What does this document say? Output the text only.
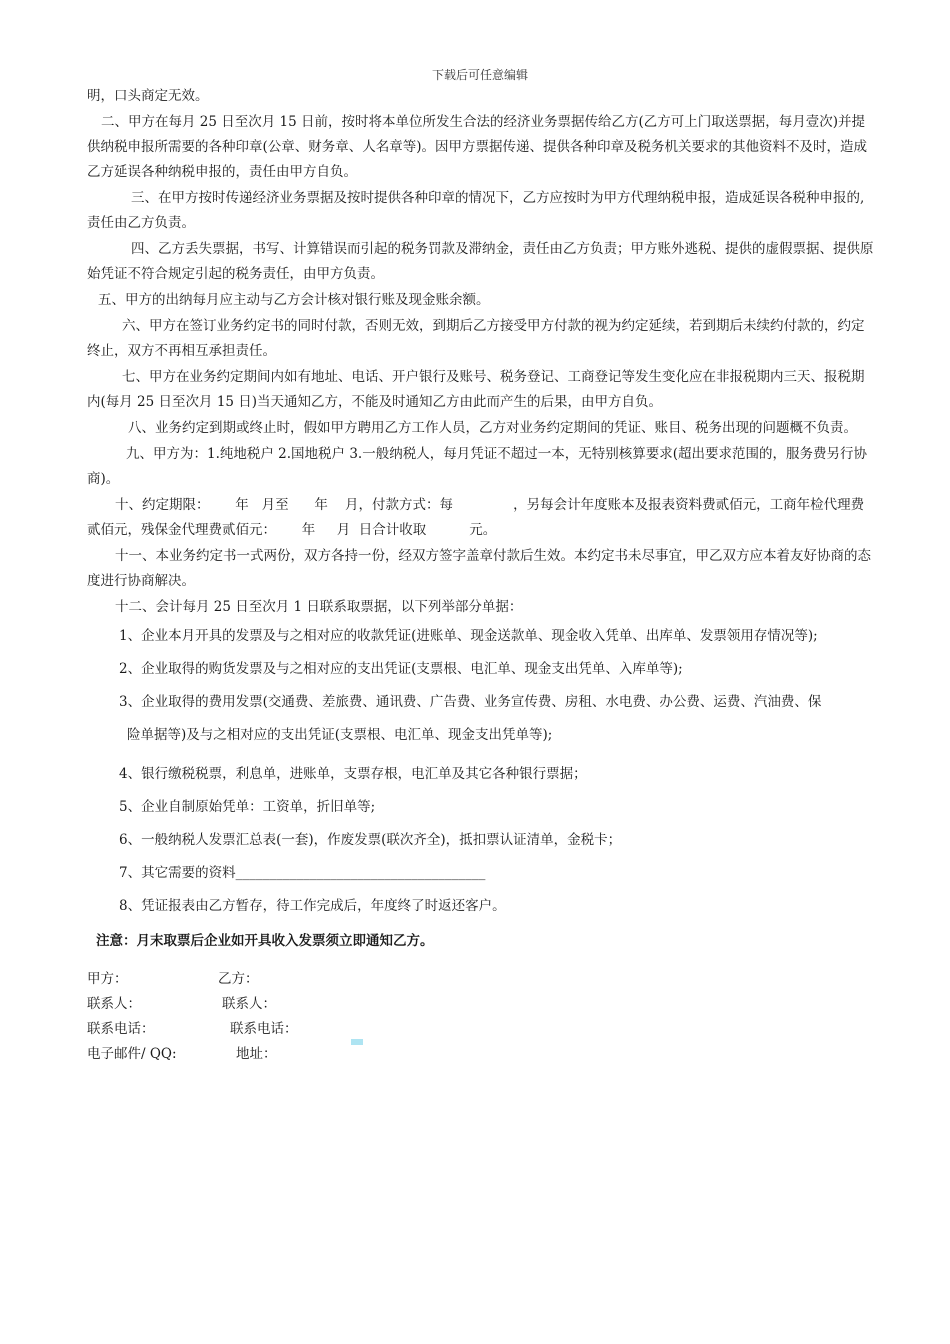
下载后可任意编辑

明，口头商定无效。

二、甲方在每月 25 日至次月 15 日前，按时将本单位所发生合法的经济业务票据传给乙方(乙方可上门取送票据，每月壹次)并提供纳税申报所需要的各种印章(公章、财务章、人名章等)。因甲方票据传递、提供各种印章及税务机关要求的其他资料不及时，造成乙方延误各种纳税申报的，责任由甲方自负。

三、在甲方按时传递经济业务票据及按时提供各种印章的情况下，乙方应按时为甲方代理纳税申报，造成延误各税种申报的, 责任由乙方负责。

四、乙方丢失票据，书写、计算错误而引起的税务罚款及滞纳金，责任由乙方负责；甲方账外逃税、提供的虚假票据、提供原始凭证不符合规定引起的税务责任，由甲方负责。

五、甲方的出纳每月应主动与乙方会计核对银行账及现金账余额。

六、甲方在签订业务约定书的同时付款，否则无效，到期后乙方接受甲方付款的视为约定延续，若到期后未续约付款的，约定终止，双方不再相互承担责任。

七、甲方在业务约定期间内如有地址、电话、开户银行及账号、税务登记、工商登记等发生变化应在非报税期内三天、报税期内(每月 25 日至次月 15 日)当天通知乙方，不能及时通知乙方由此而产生的后果，由甲方自负。

八、业务约定到期或终止时，假如甲方聘用乙方工作人员，乙方对业务约定期间的凭证、账目、税务出现的问题概不负责。

九、甲方为：1.纯地税户 2.国地税户 3.一般纳税人，每月凭证不超过一本，无特别核算要求(超出要求范围的，服务费另行协商)。

十、约定期限：      年   月至      年    月，付款方式：每              ，另每会计年度账本及报表资料费贰佰元，工商年检代理费贰佰元，残保金代理费贰佰元：      年     月  日合计收取          元。

十一、本业务约定书一式两份，双方各持一份，经双方签字盖章付款后生效。本约定书未尽事宜，甲乙双方应本着友好协商的态度进行协商解决。

十二、会计每月 25 日至次月 1 日联系取票据，以下列举部分单据：

1、企业本月开具的发票及与之相对应的收款凭证(进账单、现金送款单、现金收入凭单、出库单、发票领用存情况等);

2、企业取得的购货发票及与之相对应的支出凭证(支票根、电汇单、现金支出凭单、入库单等);

3、企业取得的费用发票(交通费、差旅费、通讯费、广告费、业务宣传费、房租、水电费、办公费、运费、汽油费、保

险单据等)及与之相对应的支出凭证(支票根、电汇单、现金支出凭单等);

4、银行缴税税票，利息单，进账单，支票存根，电汇单及其它各种银行票据；

5、企业自制原始凭单：工资单，折旧单等;

6、一般纳税人发票汇总表(一套)，作废发票(联次齐全)，抵扣票认证清单，金税卡；

7、其它需要的资料_____________________________________

8、凭证报表由乙方暂存，待工作完成后，年度终了时返还客户。

注意：月末取票后企业如开具收入发票须立即通知乙方。

甲方：	乙方：
联系人：	联系人：
联系电话：	联系电话：
电子邮件/ QQ:	地址：
